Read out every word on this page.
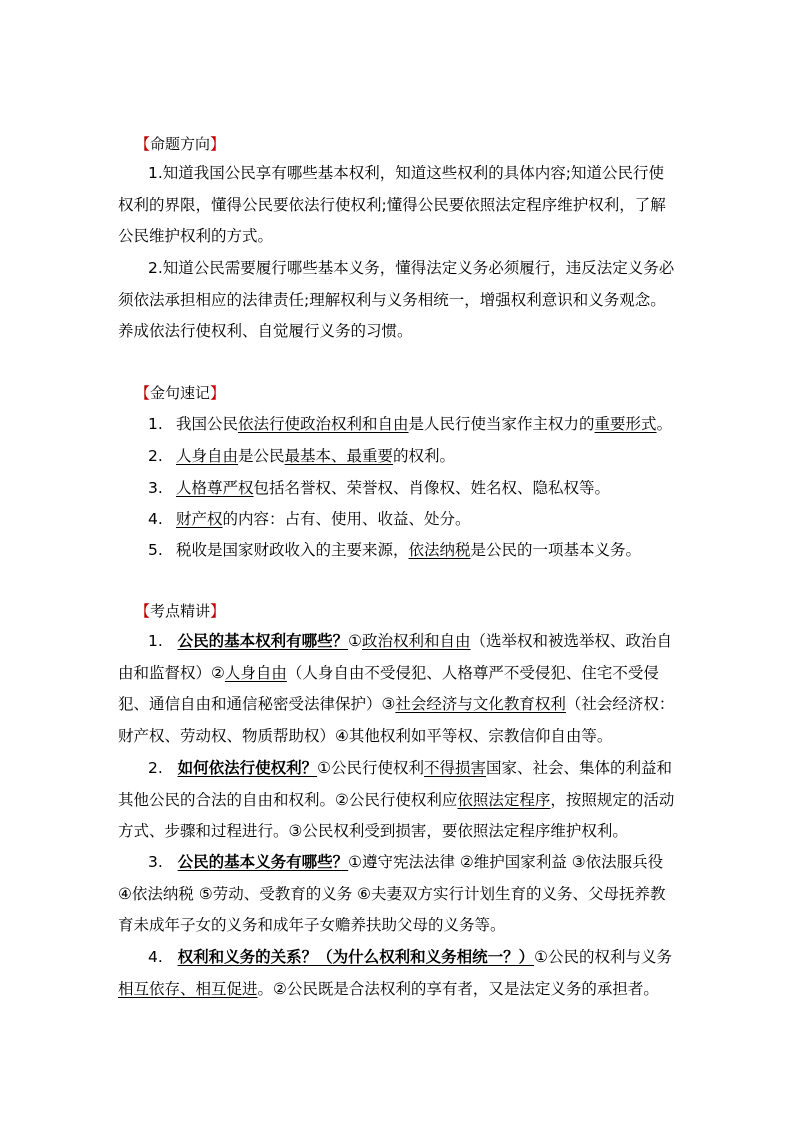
【命题方向】
1.知道我国公民享有哪些基本权利，知道这些权利的具体内容;知道公民行使权利的界限，懂得公民要依法行使权利;懂得公民要依照法定程序维护权利，了解公民维护权利的方式。
2.知道公民需要履行哪些基本义务，懂得法定义务必须履行，违反法定义务必须依法承担相应的法律责任;理解权利与义务相统一，增强权利意识和义务观念。养成依法行使权利、自觉履行义务的习惯。
【金句速记】
1. 我国公民依法行使政治权利和自由是人民行使当家作主权力的重要形式。
2. 人身自由是公民最基本、最重要的权利。
3. 人格尊严权包括名誉权、荣誉权、肖像权、姓名权、隐私权等。
4. 财产权的内容：占有、使用、收益、处分。
5. 税收是国家财政收入的主要来源，依法纳税是公民的一项基本义务。
【考点精讲】
1. 公民的基本权利有哪些？①政治权利和自由（选举权和被选举权、政治自由和监督权）②人身自由（人身自由不受侵犯、人格尊严不受侵犯、住宅不受侵犯、通信自由和通信秘密受法律保护）③社会经济与文化教育权利（社会经济权：财产权、劳动权、物质帮助权）④其他权利如平等权、宗教信仰自由等。
2. 如何依法行使权利？①公民行使权利不得损害国家、社会、集体的利益和其他公民的合法的自由和权利。②公民行使权利应依照法定程序，按照规定的活动方式、步骤和过程进行。③公民权利受到损害，要依照法定程序维护权利。
3. 公民的基本义务有哪些？①遵守宪法法律 ②维护国家利益 ③依法服兵役 ④依法纳税 ⑤劳动、受教育的义务 ⑥夫妻双方实行计划生育的义务、父母抚养教育未成年子女的义务和成年子女赡养扶助父母的义务等。
4. 权利和义务的关系？（为什么权利和义务相统一？）①公民的权利与义务相互依存、相互促进。②公民既是合法权利的享有者，又是法定义务的承担者。
